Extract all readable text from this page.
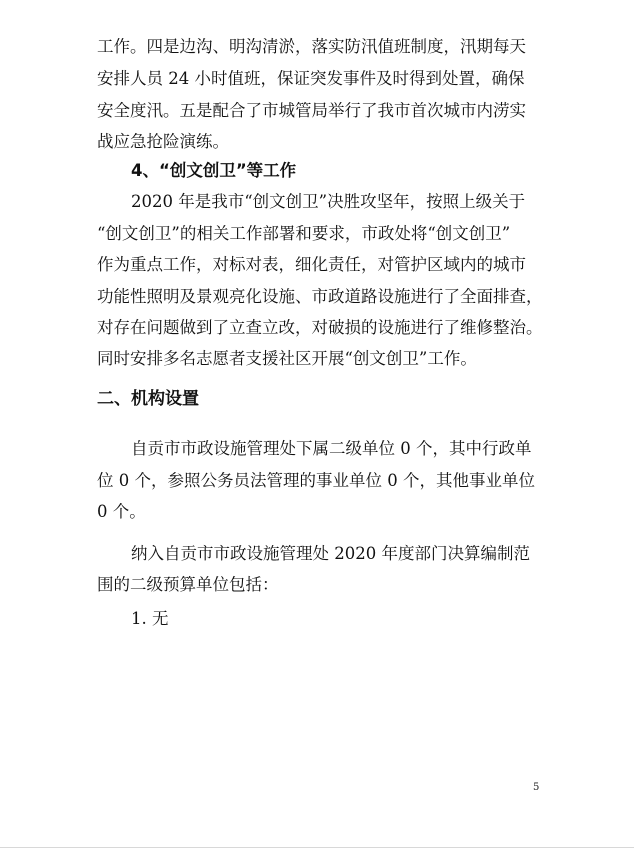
工作。四是边沟、明沟清淤，落实防汛值班制度，汛期每天
安排人员 24 小时值班，保证突发事件及时得到处置，确保
安全度汛。五是配合了市城管局举行了我市首次城市内涝实
战应急抢险演练。
4、“创文创卫”等工作
2020 年是我市“创文创卫”决胜攻坚年，按照上级关于
“创文创卫”的相关工作部署和要求，市政处将“创文创卫”
作为重点工作，对标对表，细化责任，对管护区域内的城市
功能性照明及景观亮化设施、市政道路设施进行了全面排查，
对存在问题做到了立查立改，对破损的设施进行了维修整治。
同时安排多名志愿者支援社区开展“创文创卫”工作。
二、机构设置
自贡市市政设施管理处下属二级单位 0 个，其中行政单
位 0 个，参照公务员法管理的事业单位 0 个，其他事业单位
0 个。
纳入自贡市市政设施管理处 2020 年度部门决算编制范
围的二级预算单位包括：
1. 无
5
